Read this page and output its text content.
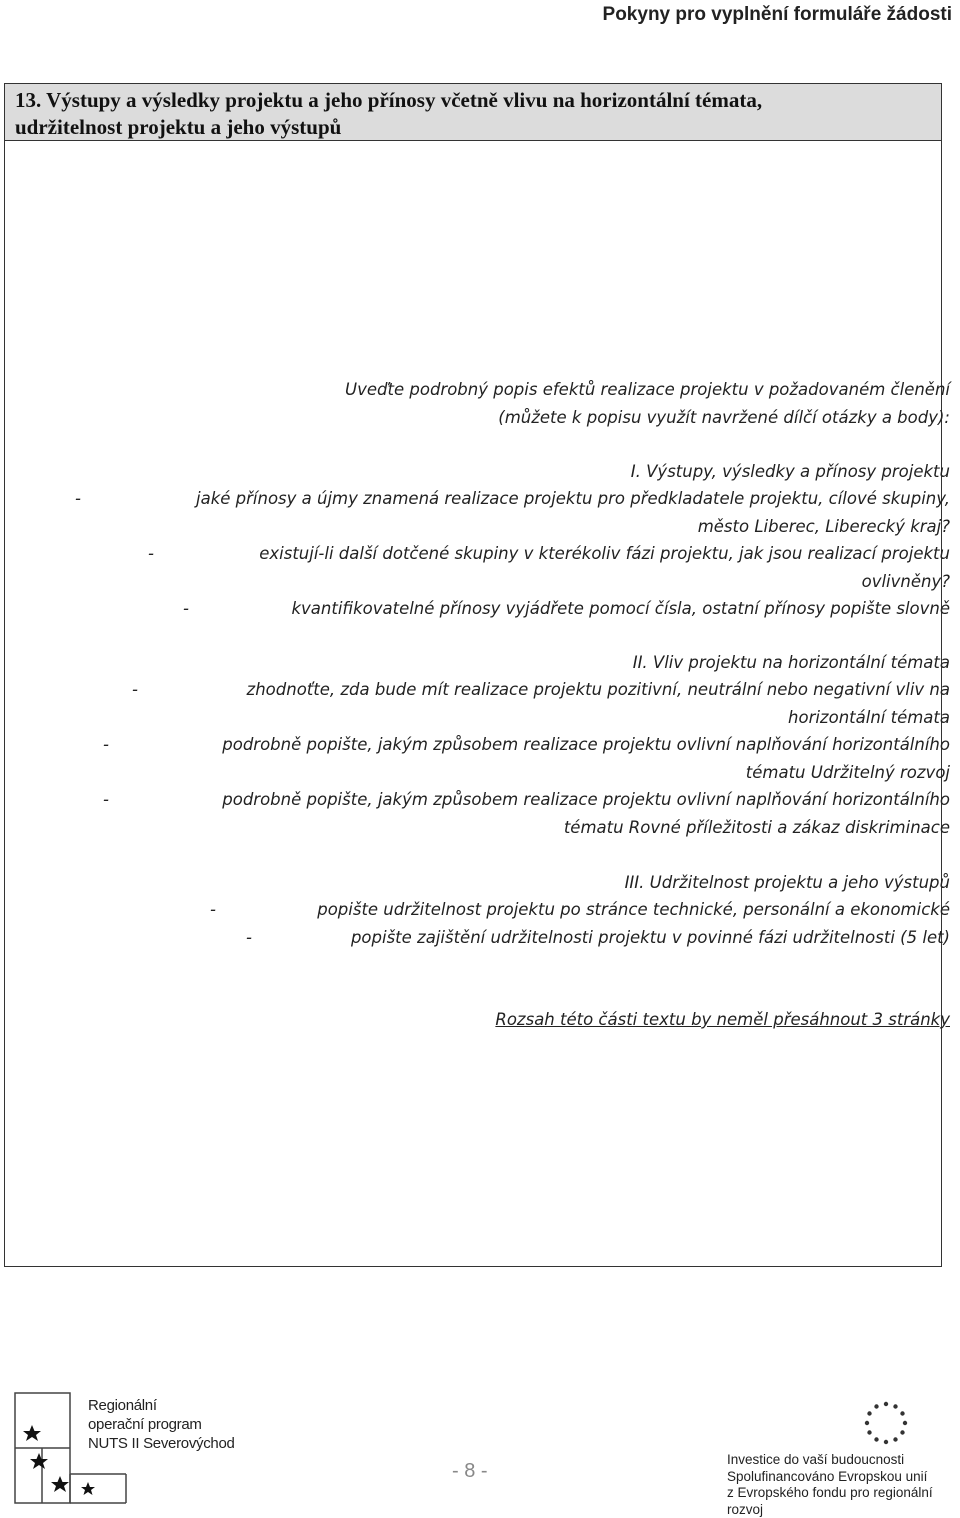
Pokyny pro vyplnění formuláře žádosti
13. Výstupy a výsledky projektu a jeho přínosy včetně vlivu na horizontální témata,
udržitelnost projektu a jeho výstupů
Uveďte podrobný popis efektů realizace projektu v požadovaném členění
(můžete k popisu využít navržené dílčí otázky a body):
I. Výstupy, výsledky a přínosy projektu
-	jaké přínosy a újmy znamená realizace projektu pro předkladatele projektu, cílové skupiny,
město Liberec, Liberecký kraj?
-	existují-li další dotčené skupiny v kterékoliv fázi projektu, jak jsou realizací projektu
ovlivněny?
-	kvantifikovatelné přínosy vyjádřete pomocí čísla, ostatní přínosy popište slovně
II. Vliv projektu na horizontální témata
-	zhodnoťte, zda bude mít realizace projektu pozitivní, neutrální nebo negativní vliv na
horizontální témata
-	podrobně popište, jakým způsobem realizace projektu ovlivní naplňování horizontálního
tématu Udržitelný rozvoj
-	podrobně popište, jakým způsobem realizace projektu ovlivní naplňování horizontálního
tématu Rovné příležitosti a zákaz diskriminace
III. Udržitelnost projektu a jeho výstupů
-	popište udržitelnost projektu po stránce technické, personální a ekonomické
-	popište zajištění udržitelnosti projektu v povinné fázi udržitelnosti (5 let)
Rozsah této části textu by neměl přesáhnout 3 stránky
Regionální
operační program
NUTS II Severovýchod
- 8 -
Investice do vaší budoucnosti
Spolufinancováno Evropskou unií
z Evropského fondu pro regionální rozvoj
